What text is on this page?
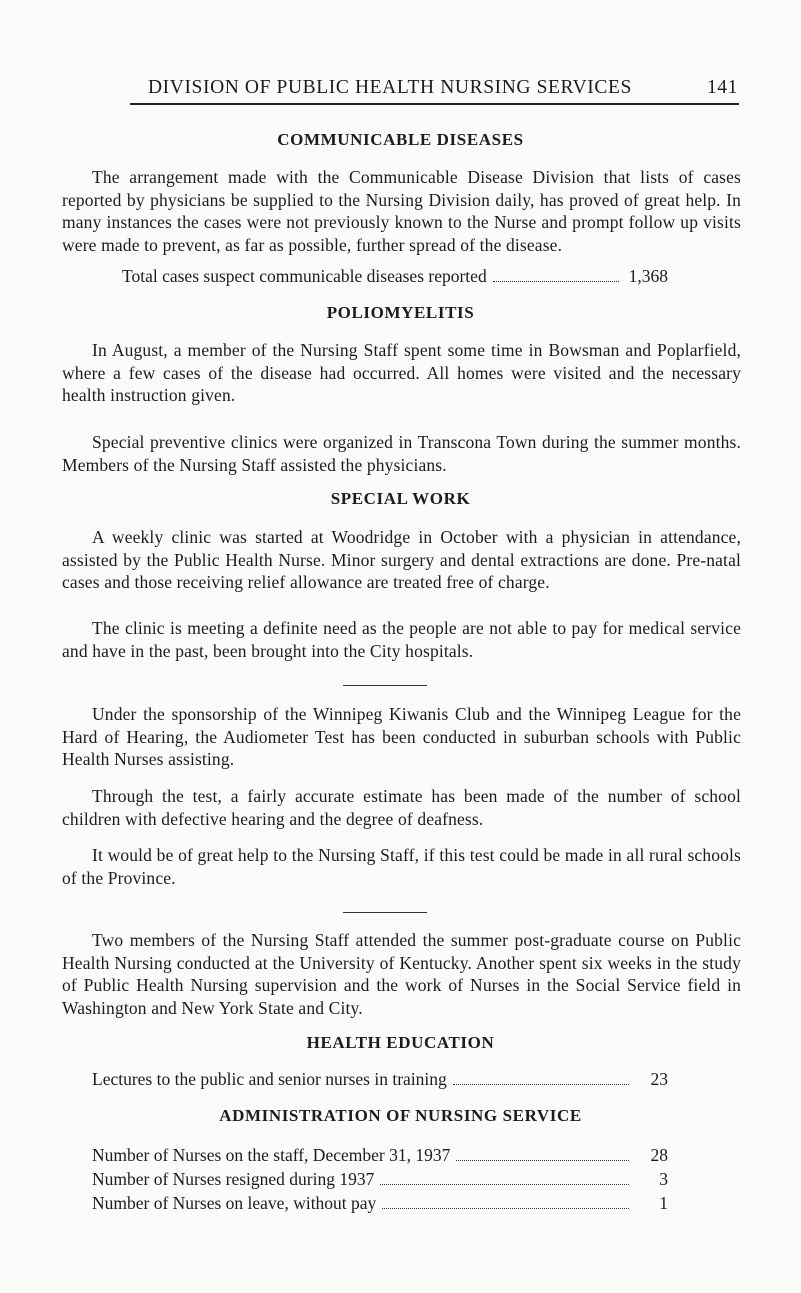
DIVISION OF PUBLIC HEALTH NURSING SERVICES	141
COMMUNICABLE DISEASES
The arrangement made with the Communicable Disease Division that lists of cases reported by physicians be supplied to the Nursing Division daily, has proved of great help. In many instances the cases were not previously known to the Nurse and prompt follow up visits were made to prevent, as far as possible, further spread of the disease.
Total cases suspect communicable diseases reported	1,368
POLIOMYELITIS
In August, a member of the Nursing Staff spent some time in Bowsman and Poplarfield, where a few cases of the disease had occurred. All homes were visited and the necessary health instruction given.
Special preventive clinics were organized in Transcona Town during the summer months. Members of the Nursing Staff assisted the physicians.
SPECIAL WORK
A weekly clinic was started at Woodridge in October with a physician in attendance, assisted by the Public Health Nurse. Minor surgery and dental extractions are done. Pre-natal cases and those receiving relief allowance are treated free of charge.
The clinic is meeting a definite need as the people are not able to pay for medical service and have in the past, been brought into the City hospitals.
Under the sponsorship of the Winnipeg Kiwanis Club and the Winnipeg League for the Hard of Hearing, the Audiometer Test has been conducted in suburban schools with Public Health Nurses assisting.
Through the test, a fairly accurate estimate has been made of the number of school children with defective hearing and the degree of deafness.
It would be of great help to the Nursing Staff, if this test could be made in all rural schools of the Province.
Two members of the Nursing Staff attended the summer post-graduate course on Public Health Nursing conducted at the University of Kentucky. Another spent six weeks in the study of Public Health Nursing supervision and the work of Nurses in the Social Service field in Washington and New York State and City.
HEALTH EDUCATION
Lectures to the public and senior nurses in training	23
ADMINISTRATION OF NURSING SERVICE
Number of Nurses on the staff, December 31, 1937	28
Number of Nurses resigned during 1937	3
Number of Nurses on leave, without pay	1
